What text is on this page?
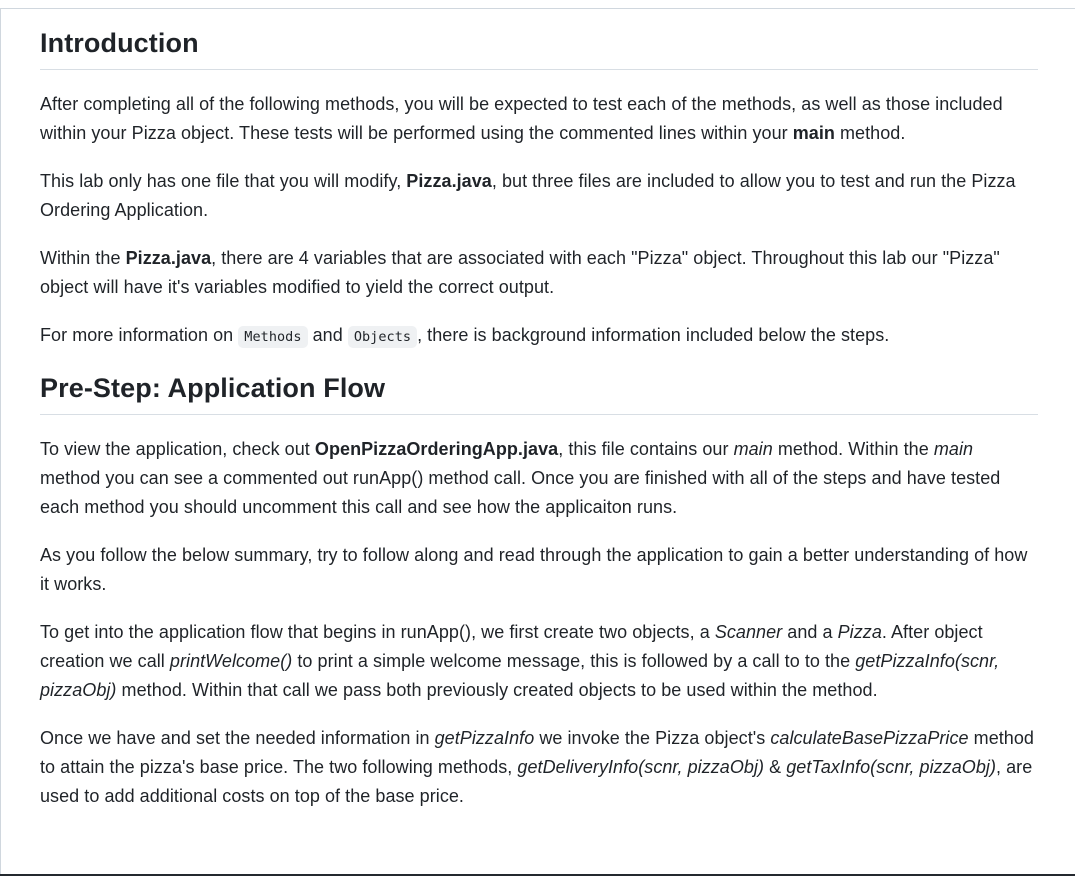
Introduction

After completing all of the following methods, you will be expected to test each of the methods, as well as those included within your Pizza object. These tests will be performed using the commented lines within your main method.

This lab only has one file that you will modify, Pizza.java, but three files are included to allow you to test and run the Pizza Ordering Application.

Within the Pizza.java, there are 4 variables that are associated with each "Pizza" object. Throughout this lab our "Pizza" object will have it's variables modified to yield the correct output.

For more information on Methods and Objects , there is background information included below the steps.

Pre-Step: Application Flow

To view the application, check out OpenPizzaOrderingApp.java, this file contains our main method. Within the main method you can see a commented out runApp() method call. Once you are finished with all of the steps and have tested each method you should uncomment this call and see how the applicaiton runs.

As you follow the below summary, try to follow along and read through the application to gain a better understanding of how it works.

To get into the application flow that begins in runApp(), we first create two objects, a Scanner and a Pizza. After object creation we call printWelcome() to print a simple welcome message, this is followed by a call to to the getPizzaInfo(scnr, pizzaObj) method. Within that call we pass both previously created objects to be used within the method.

Once we have and set the needed information in getPizzaInfo we invoke the Pizza object's calculateBasePizzaPrice method to attain the pizza's base price. The two following methods, getDeliveryInfo(scnr, pizzaObj) & getTaxInfo(scnr, pizzaObj), are used to add additional costs on top of the base price.
